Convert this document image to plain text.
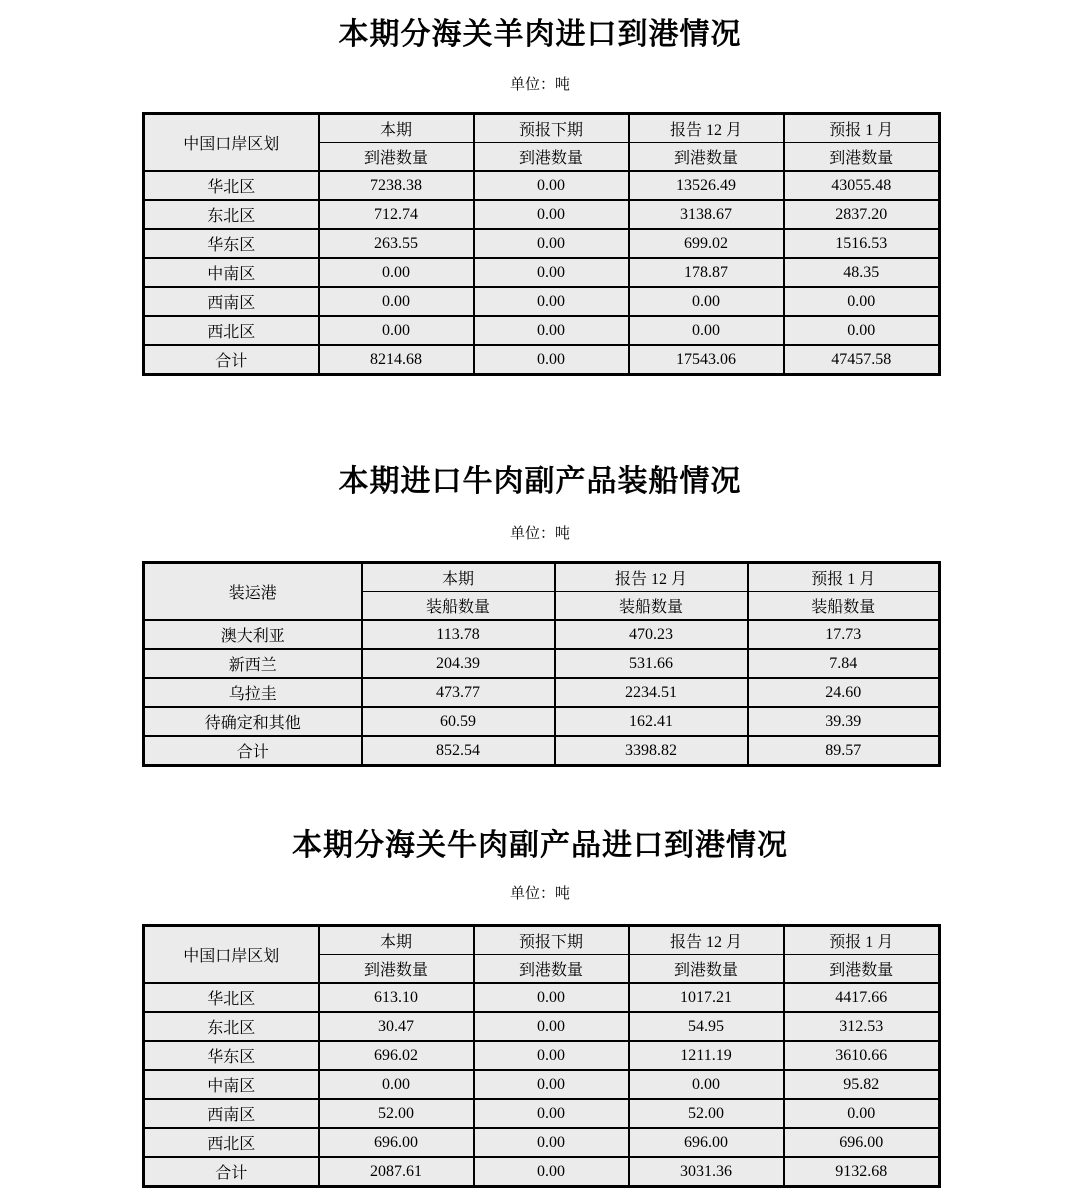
本期分海关羊肉进口到港情况

单位：吨

中国口岸区划	本期	预报下期	报告 12 月	预报 1 月
	到港数量	到港数量	到港数量	到港数量
华北区	7238.38	0.00	13526.49	43055.48
东北区	712.74	0.00	3138.67	2837.20
华东区	263.55	0.00	699.02	1516.53
中南区	0.00	0.00	178.87	48.35
西南区	0.00	0.00	0.00	0.00
西北区	0.00	0.00	0.00	0.00
合计	8214.68	0.00	17543.06	47457.58
本期进口牛肉副产品装船情况

单位：吨

装运港	本期	报告 12 月	预报 1 月
	装船数量	装船数量	装船数量
澳大利亚	113.78	470.23	17.73
新西兰	204.39	531.66	7.84
乌拉圭	473.77	2234.51	24.60
待确定和其他	60.59	162.41	39.39
合计	852.54	3398.82	89.57
本期分海关牛肉副产品进口到港情况

单位：吨

中国口岸区划	本期	预报下期	报告 12 月	预报 1 月
	到港数量	到港数量	到港数量	到港数量
华北区	613.10	0.00	1017.21	4417.66
东北区	30.47	0.00	54.95	312.53
华东区	696.02	0.00	1211.19	3610.66
中南区	0.00	0.00	0.00	95.82
西南区	52.00	0.00	52.00	0.00
西北区	696.00	0.00	696.00	696.00
合计	2087.61	0.00	3031.36	9132.68
